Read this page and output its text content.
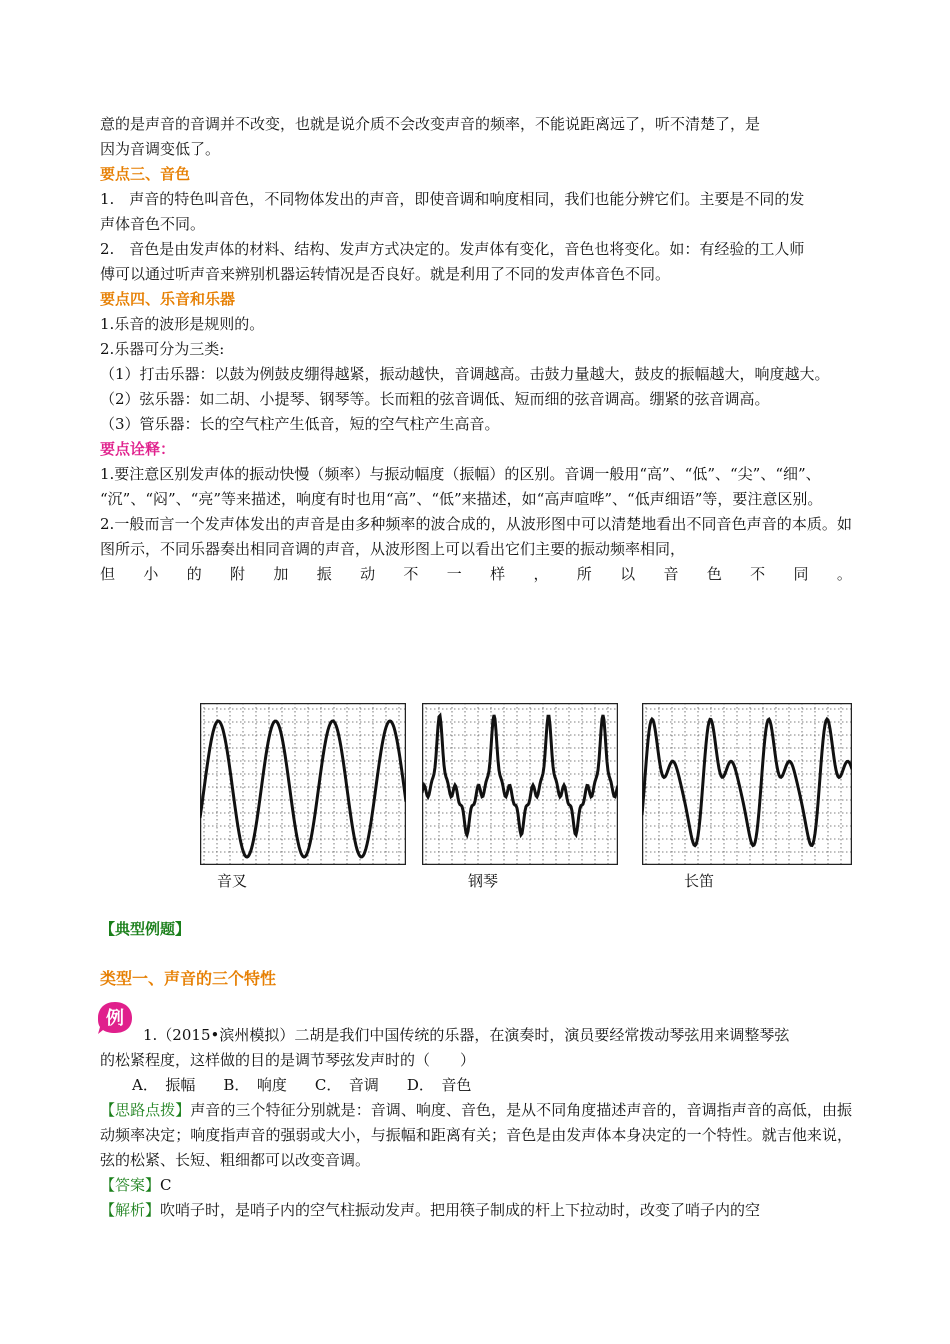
意的是声音的音调并不改变，也就是说介质不会改变声音的频率，不能说距离远了，听不清楚了，是

因为音调变低了。

要点三、音色

1.　声音的特色叫音色，不同物体发出的声音，即使音调和响度相同，我们也能分辨它们。主要是不同的发

声体音色不同。

2.　音色是由发声体的材料、结构、发声方式决定的。发声体有变化，音色也将变化。如：有经验的工人师

傅可以通过听声音来辨别机器运转情况是否良好。就是利用了不同的发声体音色不同。

要点四、乐音和乐器

1.乐音的波形是规则的。

2.乐器可分为三类:

（1）打击乐器：以鼓为例鼓皮绷得越紧，振动越快，音调越高。击鼓力量越大，鼓皮的振幅越大，响度越大。

（2）弦乐器：如二胡、小提琴、钢琴等。长而粗的弦音调低、短而细的弦音调高。绷紧的弦音调高。

（3）管乐器：长的空气柱产生低音，短的空气柱产生高音。

要点诠释：

1.要注意区别发声体的振动快慢（频率）与振动幅度（振幅）的区别。音调一般用“高”、“低”、“尖”、“细”、

“沉”、“闷”、“亮”等来描述，响度有时也用“高”、“低”来描述，如“高声喧哗”、“低声细语”等，要注意区别。

2.一般而言一个发声体发出的声音是由多种频率的波合成的，从波形图中可以清楚地看出不同音色声音的本质。如图所示，不同乐器奏出相同音调的声音，从波形图上可以看出它们主要的振动频率相同，

但 小 的 附 加 振 动 不 一 样 ， 所 以 音 色 不 同 。
音叉	钢琴	长笛
【典型例题】
类型一、声音的三个特性
例

1.（2015•滨州模拟）二胡是我们中国传统的乐器，在演奏时，演员要经常拨动琴弦用来调整琴弦

的松紧程度，这样做的目的是调节琴弦发声时的（　　）

A．　振幅 B．　响度 C．　音调 D．　音色

【思路点拨】声音的三个特征分别就是：音调、响度、音色，是从不同角度描述声音的，音调指声音的高低，由振动频率决定；响度指声音的强弱或大小，与振幅和距离有关；音色是由发声体本身决定的一个特性。就吉他来说，弦的松紧、长短、粗细都可以改变音调。

【答案】C

【解析】吹哨子时，是哨子内的空气柱振动发声。把用筷子制成的杆上下拉动时，改变了哨子内的空
